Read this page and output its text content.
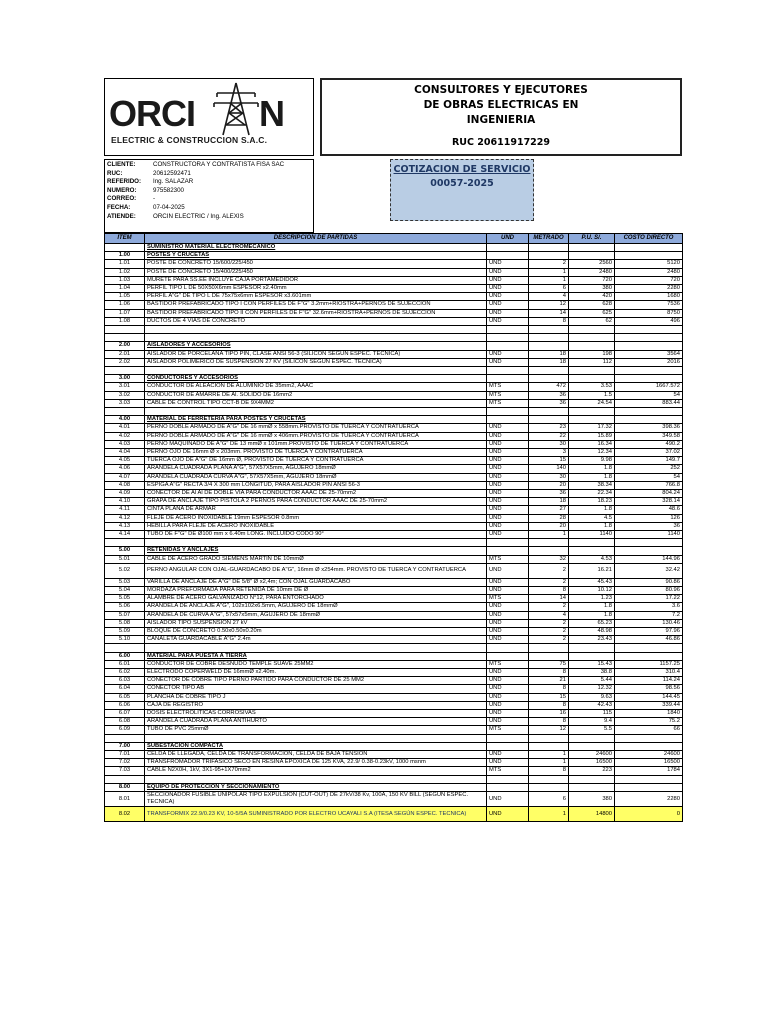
ORCI N
ELECTRIC & CONSTRUCCION S.A.C.
CONSULTORES Y EJECUTORES
DE OBRAS ELECTRICAS EN
INGENIERIA
RUC 20611917229
CLIENTE:	CONSTRUCTORA Y CONTRATISTA FISA SAC
RUC:	20612592471
REFERIDO:	Ing. SALAZAR
NUMERO:	975582300
CORREO:	-
FECHA:	07-04-2025
ATIENDE:	ORCIN ELECTRIC / Ing. ALEXIS
COTIZACION DE SERVICIO
00057-2025
ITEM	DESCRIPCION DE PARTIDAS	UND	METRADO	P.U. S/.	COSTO DIRECTO
	SUMINISTRO MATERIAL ELECTROMECANICO				
1.00	POSTES Y CRUCETAS				
1.01	POSTE DE CONCRETO 15/600/225/450	UND	2	2560	5120
1.02	POSTE DE CONCRETO 15/400/225/450	UND	1	2480	2480
1.03	MURETE PARA SS.EE INCLUYE CAJA PORTAMEDIDOR	UND	1	720	720
1.04	PERFIL TIPO L DE 50X50X6mm ESPESOR x2.40mm	UND	6	380	2280
1.05	PERFIL A"G" DE TIPO L DE 75x75x6mm ESPESOR x3.601mm	UND	4	420	1680
1.06	BASTIDOR PREFABRICADO TIPO I CON PERFILES DE F"G" 3.2mm+RIOSTRA+PERNOS DE SUJECCION	UND	12	628	7536
1.07	BASTIDOR PREFABRICADO TIPO II CON PERFILES DE F"G" 32.6mm+RIOSTRA+PERNOS DE SUJECCION	UND	14	625	8750
1.08	DUCTOS DE 4 VIAS DE CONCRETO	UND	8	62	496

2.00	AISLADORES Y ACCESORIOS				
2.01	AISLADOR DE PORCELANA TIPO PIN, CLASE ANSI 56-3 (SILICON SEGÚN ESPEC. TECNICA)	UND	18	198	3564
2.02	AISLADOR POLIMERICO DE SUSPENSION 27 KV (SILICON SEGÚN ESPEC. TECNICA)	UND	18	112	2016

3.00	CONDUCTORES Y ACCESORIOS				
3.01	CONDUCTOR DE ALEACION DE ALUMINIO DE 35mm2, AAAC	MTS	472	3.53	1667.572
3.02	CONDUCTOR DE AMARRE DE Al. SOLIDO DE 16mm2	MTS	36	1.5	54
3.03	CABLE DE CONTROL TIPO CCT-B DE 9X4MM2	MTS	36	24.54	883.44

4.00	MATERIAL DE FERRETERIA PARA POSTES Y CRUCETAS				
4.01	PERNO DOBLE ARMADO DE A"G" DE 16 mmØ x 558mm.PROVISTO DE TUERCA Y CONTRATUERCA	UND	23	17.32	398.36
4.02	PERNO DOBLE ARMADO DE A"G" DE 16 mmØ x 406mm.PROVISTO DE TUERCA Y CONTRATUERCA	UND	22	15.89	349.58
4.03	PERNO MAQUINADO DE A"G" DE 13 mmØ x 101mm.PROVISTO DE TUERCA Y CONTRATUERCA	UND	30	16.34	490.2
4.04	PERNO OJO DE 16mm Ø x 203mm. PROVISTO DE TUERCA Y CONTRATUERCA	UND	3	12.34	37.02
4.05	TUERCA OJO DE A"G" DE 16mm Ø, PROVISTO DE TUERCA Y CONTRATUERCA	UND	15	9.98	149.7
4.06	ARANDELA CUADRADA PLANA A"G", 57X57X5mm, AGUJERO 18mmØ	UND	140	1.8	252
4.07	ARANDELA CUADRADA CURVA A"G", 57X57X5mm, AGUJERO 18mmØ	UND	30	1.8	54
4.08	ESPIGA A"G" RECTA 3/4 X 300 mm LONGITUD, PARA AISLADOR PIN ANSI 56-3	UND	20	38.34	766.8
4.09	CONECTOR DE Al Al DE DOBLE VIA PARA CONDUCTOR AAAC DE 25-70mm2	UND	36	22.34	804.24
4.10	GRAPA DE ANCLAJE TIPO PISTOLA 2 PERNOS PARA CONDUCTOR AAAC DE 25-70mm2	UND	18	18.23	328.14
4.11	CINTA PLANA DE ARMAR	UND	27	1.8	48.6
4.12	FLEJE DE ACERO INOXIDABLE 19mm ESPESOR 0.8mm	UND	28	4.5	126
4.13	HEBILLA PARA FLEJE DE ACERO INOXIDABLE	UND	20	1.8	36
4.14	TUBO DE F"G" DE Ø100 mm x 6.40m LONG. INCLUIDO CODO 90°	UND	1	1140	1140

5.00	RETENIDAS Y ANCLAJES				
5.01	CABLE DE ACERO GRADO SIEMENS MARTIN DE 10mmØ	MTS	32	4.53	144.96
5.02	PERNO ANGULAR CON OJAL-GUARDACABO DE A"G", 16mm Ø x254mm. PROVISTO DE TUERCA Y CONTRATUERCA	UND	2	16.21	32.42
5.03	VARILLA DE ANCLAJE DE A"G" DE 5/8" Ø x2,4m; CON OJAL GUARDACABO	UND	2	45.43	90.86
5.04	MORDAZA PREFORMADA PARA RETENIDA DE 10mm DE Ø	UND	8	10.12	80.96
5.05	ALAMBRE DE ACERO GALVANIZADO N°12, PARA ENTORCHADO	MTS	14	1.23	17.22
5.06	ARANDELA DE ANCLAJE A"G", 102x102x6.5mm, AGUJERO DE 18mmØ	UND	2	1.8	3.6
5.07	ARANDELA DE CURVA A"G", 57x57x5mm, AGUJERO DE 18mmØ	UND	4	1.8	7.2
5.08	AISLADOR TIPO SUSPENSION 27 kV	UND	2	65.23	130.46
5.09	BLOQUE DE CONCRETO 0.50x0.50x0.20m	UND	2	48.98	97.96
5.10	CANALETA GUARDACABLE A"G" 2.4m	UND	2	23.43	46.86

6.00	MATERIAL PARA PUESTA A TIERRA				
6.01	CONDUCTOR DE COBRE DESNUDO TEMPLE SUAVE 25MM2	MTS	75	15.43	1157.25
6.02	ELECTRODO COPERWELD DE 16mmØ x2.40m.	UND	8	38.8	310.4
6.03	CONECTOR DE COBRE TIPO PERNO PARTIDO PARA CONDUCTOR DE 25 MM2	UND	21	5.44	114.24
6.04	CONECTOR TIPO AB	UND	8	12.32	98.56
6.05	PLANCHA DE COBRE TIPO J	UND	15	9.63	144.45
6.06	CAJA DE REGISTRO	UND	8	42.43	339.44
6.07	DOSIS ELECTROLITICAS CORROSIVAS	UND	16	115	1840
6.08	ARANDELA CUADRADA PLANA ANTIHURTO	UND	8	9.4	75.2
6.09	TUBO DE PVC 25mmØ	MTS	12	5.5	66

7.00	SUBESTACION COMPACTA				
7.01	CELDA DE LLEGADA, CELDA DE TRANSFORMACION, CELDA DE BAJA TENSION	UND	1	24600	24600
7.02	TRANSFROMADOR TRIFASICO SECO EN RESINA EPOXICA DE 125 KVA, 22.9/ 0.38-0.23kV, 1000 msnm	UND	1	16500	16500
7.03	CABLE N2X0H, 1kV, 3X1-95+1X70mm2	MTS	8	223	1784

8.00	EQUIPO DE PROTECCION Y SECCIONAMIENTO				
8.01	SECCIONADOR FUSIBLE UNIPOLAR TIPO EXPULSION (CUT-OUT) DE 27kV/38 Kv, 100A, 150 KV BILL (SEGÚN ESPEC. TECNICA)	UND	6	380	2280
8.02	TRANSFORMIX 22.9/0.23 KV, 10-5/5A SUMINISTRADO POR ELECTRO UCAYALI S.A (ITESA SEGÚN ESPEC. TECNICA)	UND	1	14800	0
